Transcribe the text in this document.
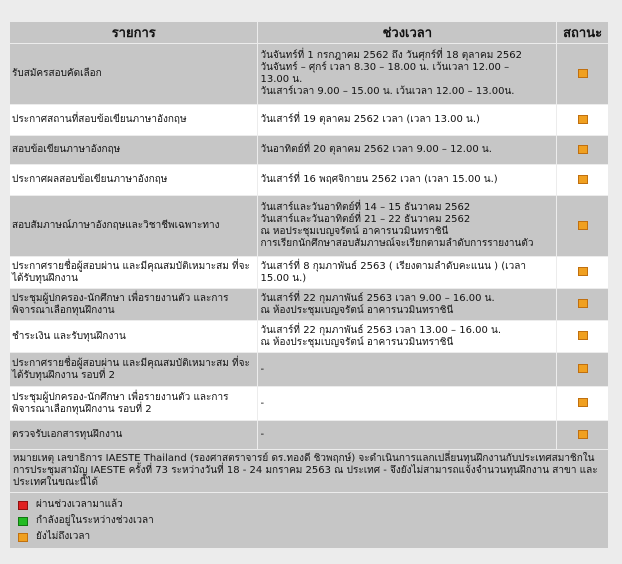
รายการ	ช่วงเวลา	สถานะ
รับสมัครสอบคัดเลือก	วันจันทร์ที่ 1 กรกฎาคม 2562 ถึง วันศุกร์ที่ 18 ตุลาคม 2562
วันจันทร์ – ศุกร์ เวลา 8.30 – 18.00 น. เว้นเวลา 12.00 –
13.00 น.
วันเสาร์เวลา 9.00 – 15.00 น. เว้นเวลา 12.00 – 13.00น.	

ประกาศสถานที่สอบข้อเขียนภาษาอังกฤษ	วันเสาร์ที่ 19 ตุลาคม 2562 เวลา (เวลา 13.00 น.)	

สอบข้อเขียนภาษาอังกฤษ	วันอาทิตย์ที่ 20 ตุลาคม 2562 เวลา 9.00 – 12.00 น.	

ประกาศผลสอบข้อเขียนภาษาอังกฤษ	วันเสาร์ที่ 16 พฤศจิกายน 2562 เวลา (เวลา 15.00 น.)	

สอบสัมภาษณ์ภาษาอังกฤษและวิชาชีพเฉพาะทาง	วันเสาร์และวันอาทิตย์ที่ 14 – 15 ธันวาคม 2562
วันเสาร์และวันอาทิตย์ที่ 21 – 22 ธันวาคม 2562
ณ หอประชุมเบญจรัตน์ อาคารนวมินทราชินี
การเรียกนักศึกษาสอบสัมภาษณ์จะเรียกตามลำดับการรายงานตัว	

ประกาศรายชื่อผู้สอบผ่าน และมีคุณสมบัติเหมาะสม ที่จะได้รับทุนฝึกงาน	วันเสาร์ที่ 8 กุมภาพันธ์ 2563 ( เรียงตามลำดับคะแนน ) (เวลา
15.00 น.)	

ประชุมผู้ปกครอง-นักศึกษา เพื่อรายงานตัว และการพิจารณาเลือกทุนฝึกงาน	วันเสาร์ที่ 22 กุมภาพันธ์ 2563 เวลา 9.00 – 16.00 น.
ณ ห้องประชุมเบญจรัตน์ อาคารนวมินทราชินี	

ชำระเงิน และรับทุนฝึกงาน	วันเสาร์ที่ 22 กุมภาพันธ์ 2563 เวลา 13.00 – 16.00 น.
ณ ห้องประชุมเบญจรัตน์ อาคารนวมินทราชินี	

ประกาศรายชื่อผู้สอบผ่าน และมีคุณสมบัติเหมาะสม ที่จะได้รับทุนฝึกงาน รอบที่ 2	-	

ประชุมผู้ปกครอง-นักศึกษา เพื่อรายงานตัว และการพิจารณาเลือกทุนฝึกงาน รอบที่ 2	-	

ตรวจรับเอกสารทุนฝึกงาน	-	

หมายเหตุ เลขาธิการ IAESTE Thailand (รองศาสตราจารย์ ดร.ทองดี ชิวพฤกษ์) จะดำเนินการแลกเปลี่ยนทุนฝึกงานกับประเทศสมาชิกในการประชุมสามัญ IAESTE ครั้งที่ 73 ระหว่างวันที่ 18 - 24 มกราคม 2563 ณ ประเทศ - จึงยังไม่สามารถแจ้งจำนวนทุนฝึกงาน สาขา และประเทศในขณะนี้ได้		

ผ่านช่วงเวลามาแล้ว
กำลังอยู่ในระหว่างช่วงเวลา
ยังไม่ถึงเวลา		
